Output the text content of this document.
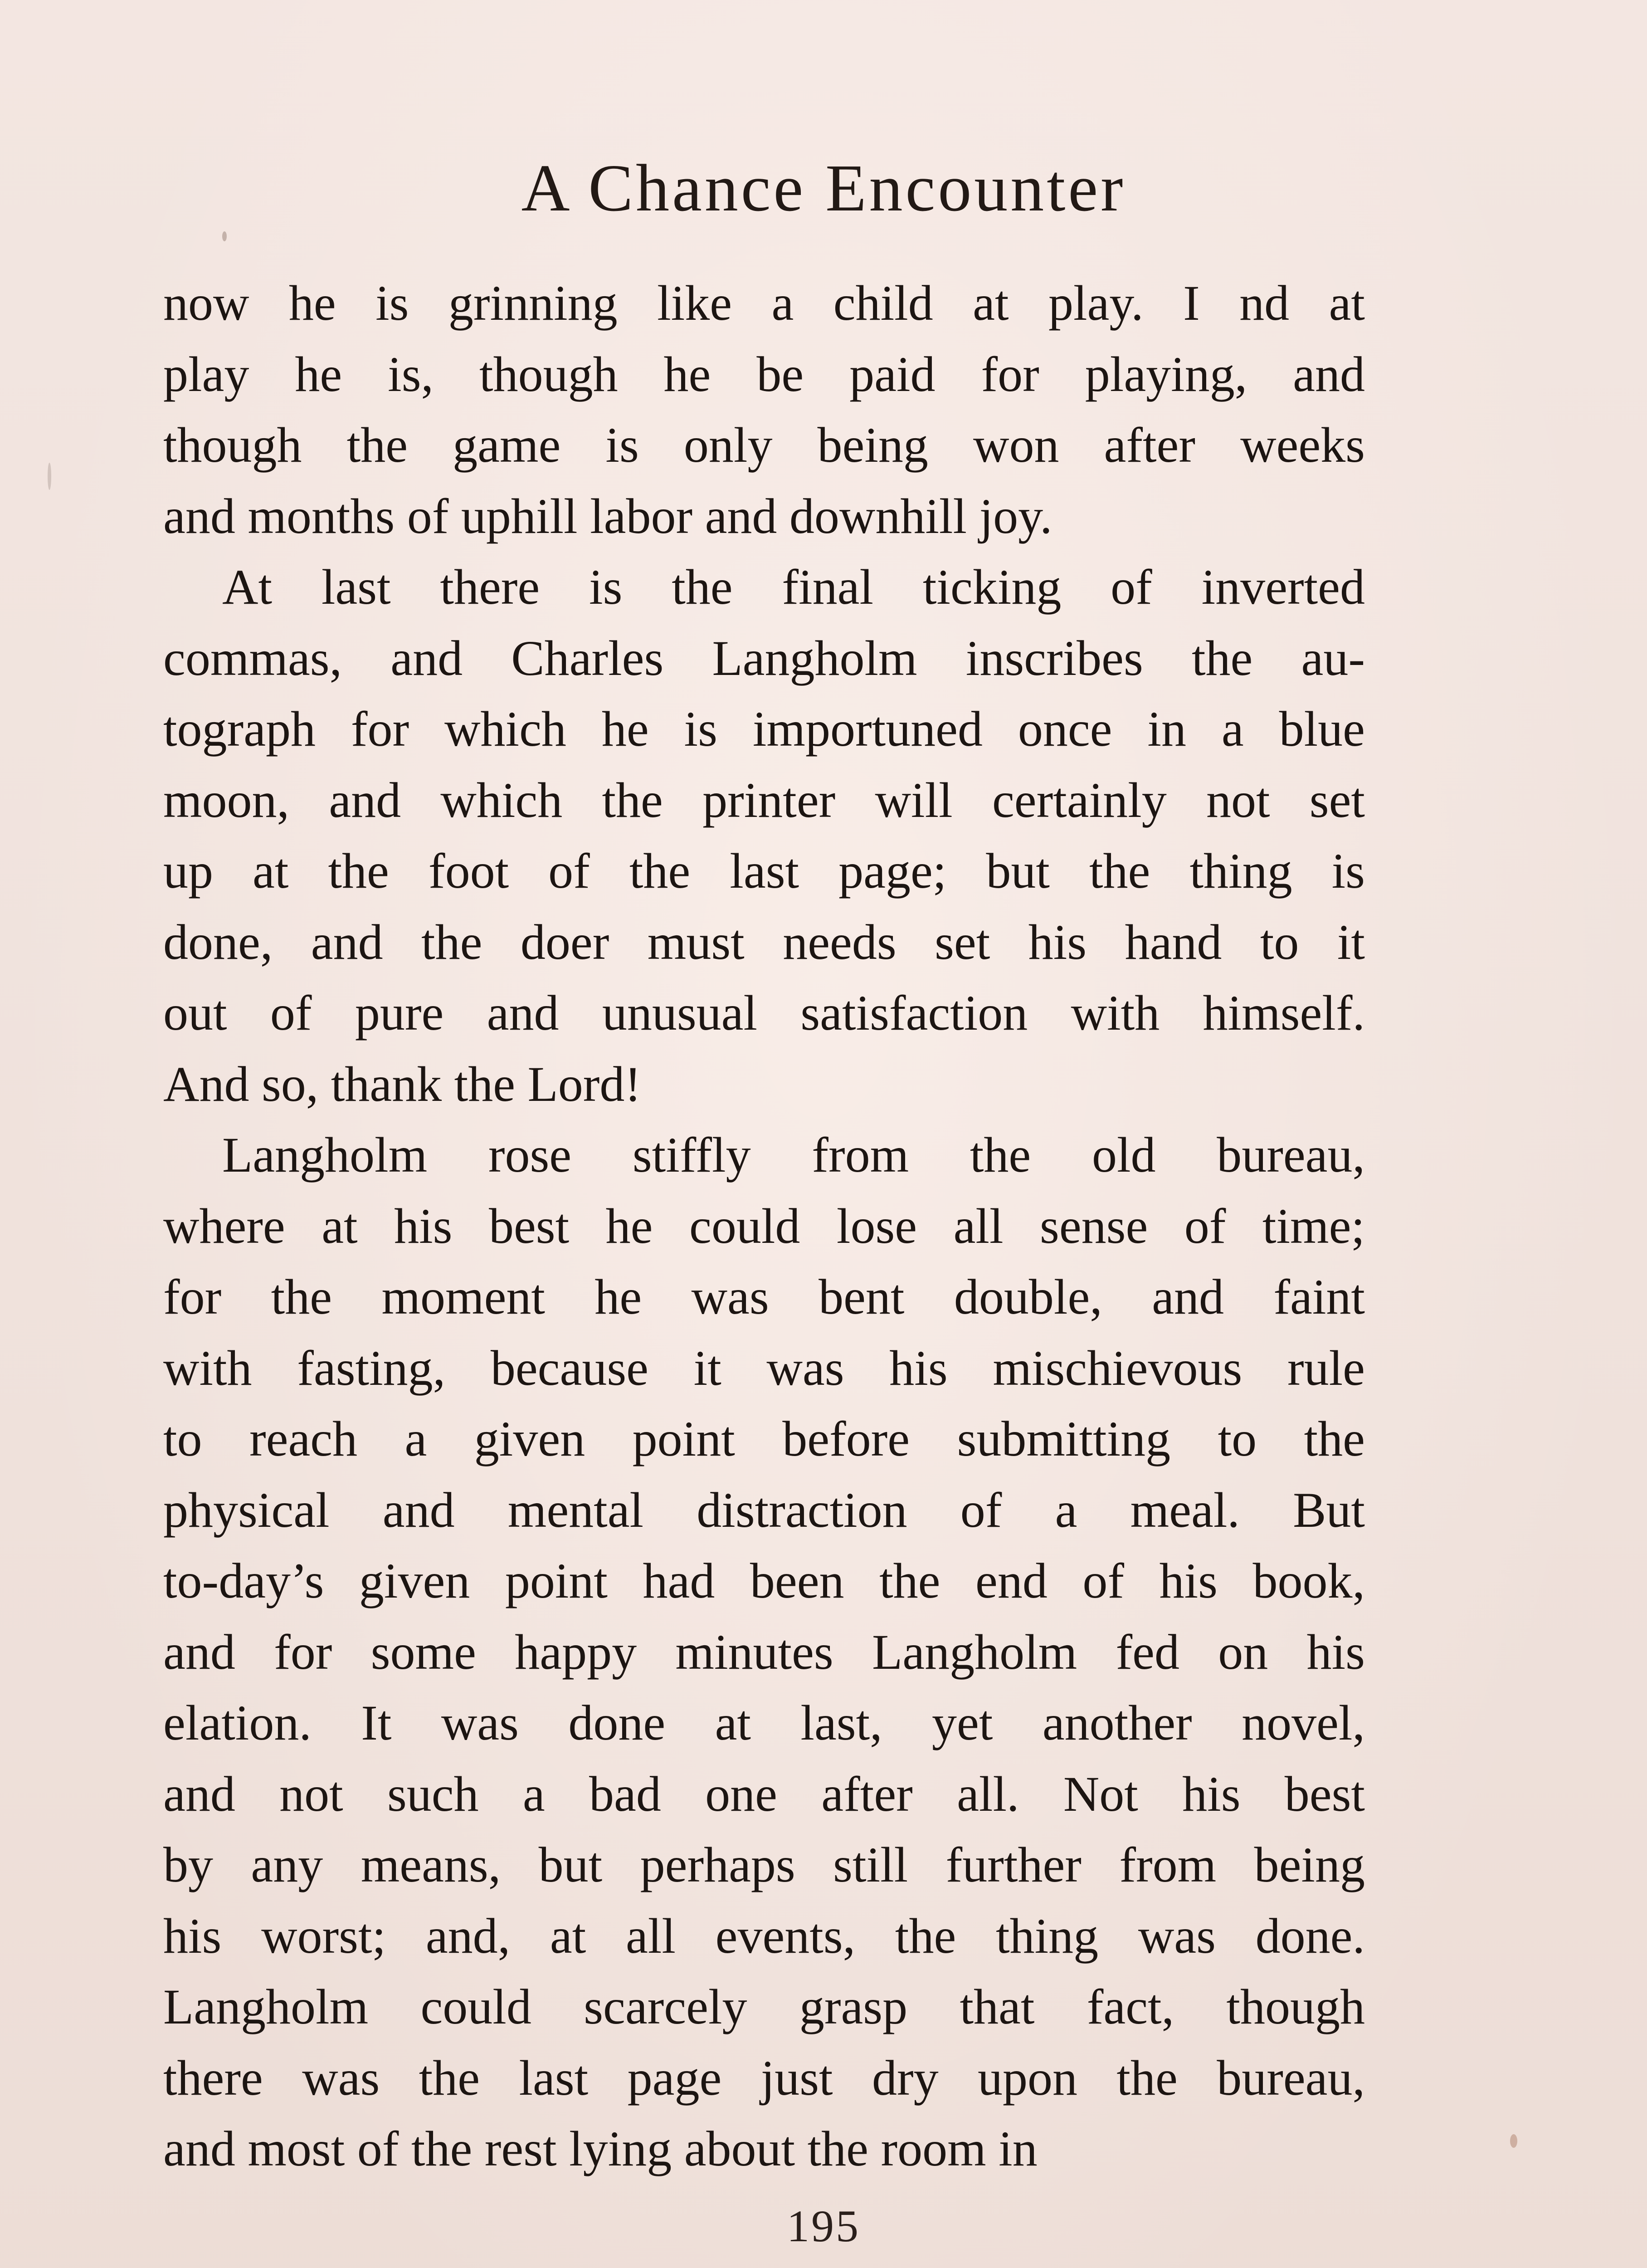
A Chance Encounter
now he is grinning like a child at play. I nd at
play he is, though he be paid for playing, and
though the game is only being won after weeks
and months of uphill labor and downhill joy.
At last there is the final ticking of inverted
commas, and Charles Langholm inscribes the au-
tograph for which he is importuned once in a blue
moon, and which the printer will certainly not set
up at the foot of the last page; but the thing is
done, and the doer must needs set his hand to it
out of pure and unusual satisfaction with himself.
And so, thank the Lord!
Langholm rose stiffly from the old bureau,
where at his best he could lose all sense of time;
for the moment he was bent double, and faint
with fasting, because it was his mischievous rule
to reach a given point before submitting to the
physical and mental distraction of a meal. But
to-day’s given point had been the end of his book,
and for some happy minutes Langholm fed on his
elation. It was done at last, yet another novel,
and not such a bad one after all. Not his best
by any means, but perhaps still further from being
his worst; and, at all events, the thing was done.
Langholm could scarcely grasp that fact, though
there was the last page just dry upon the bureau,
and most of the rest lying about the room in
195
